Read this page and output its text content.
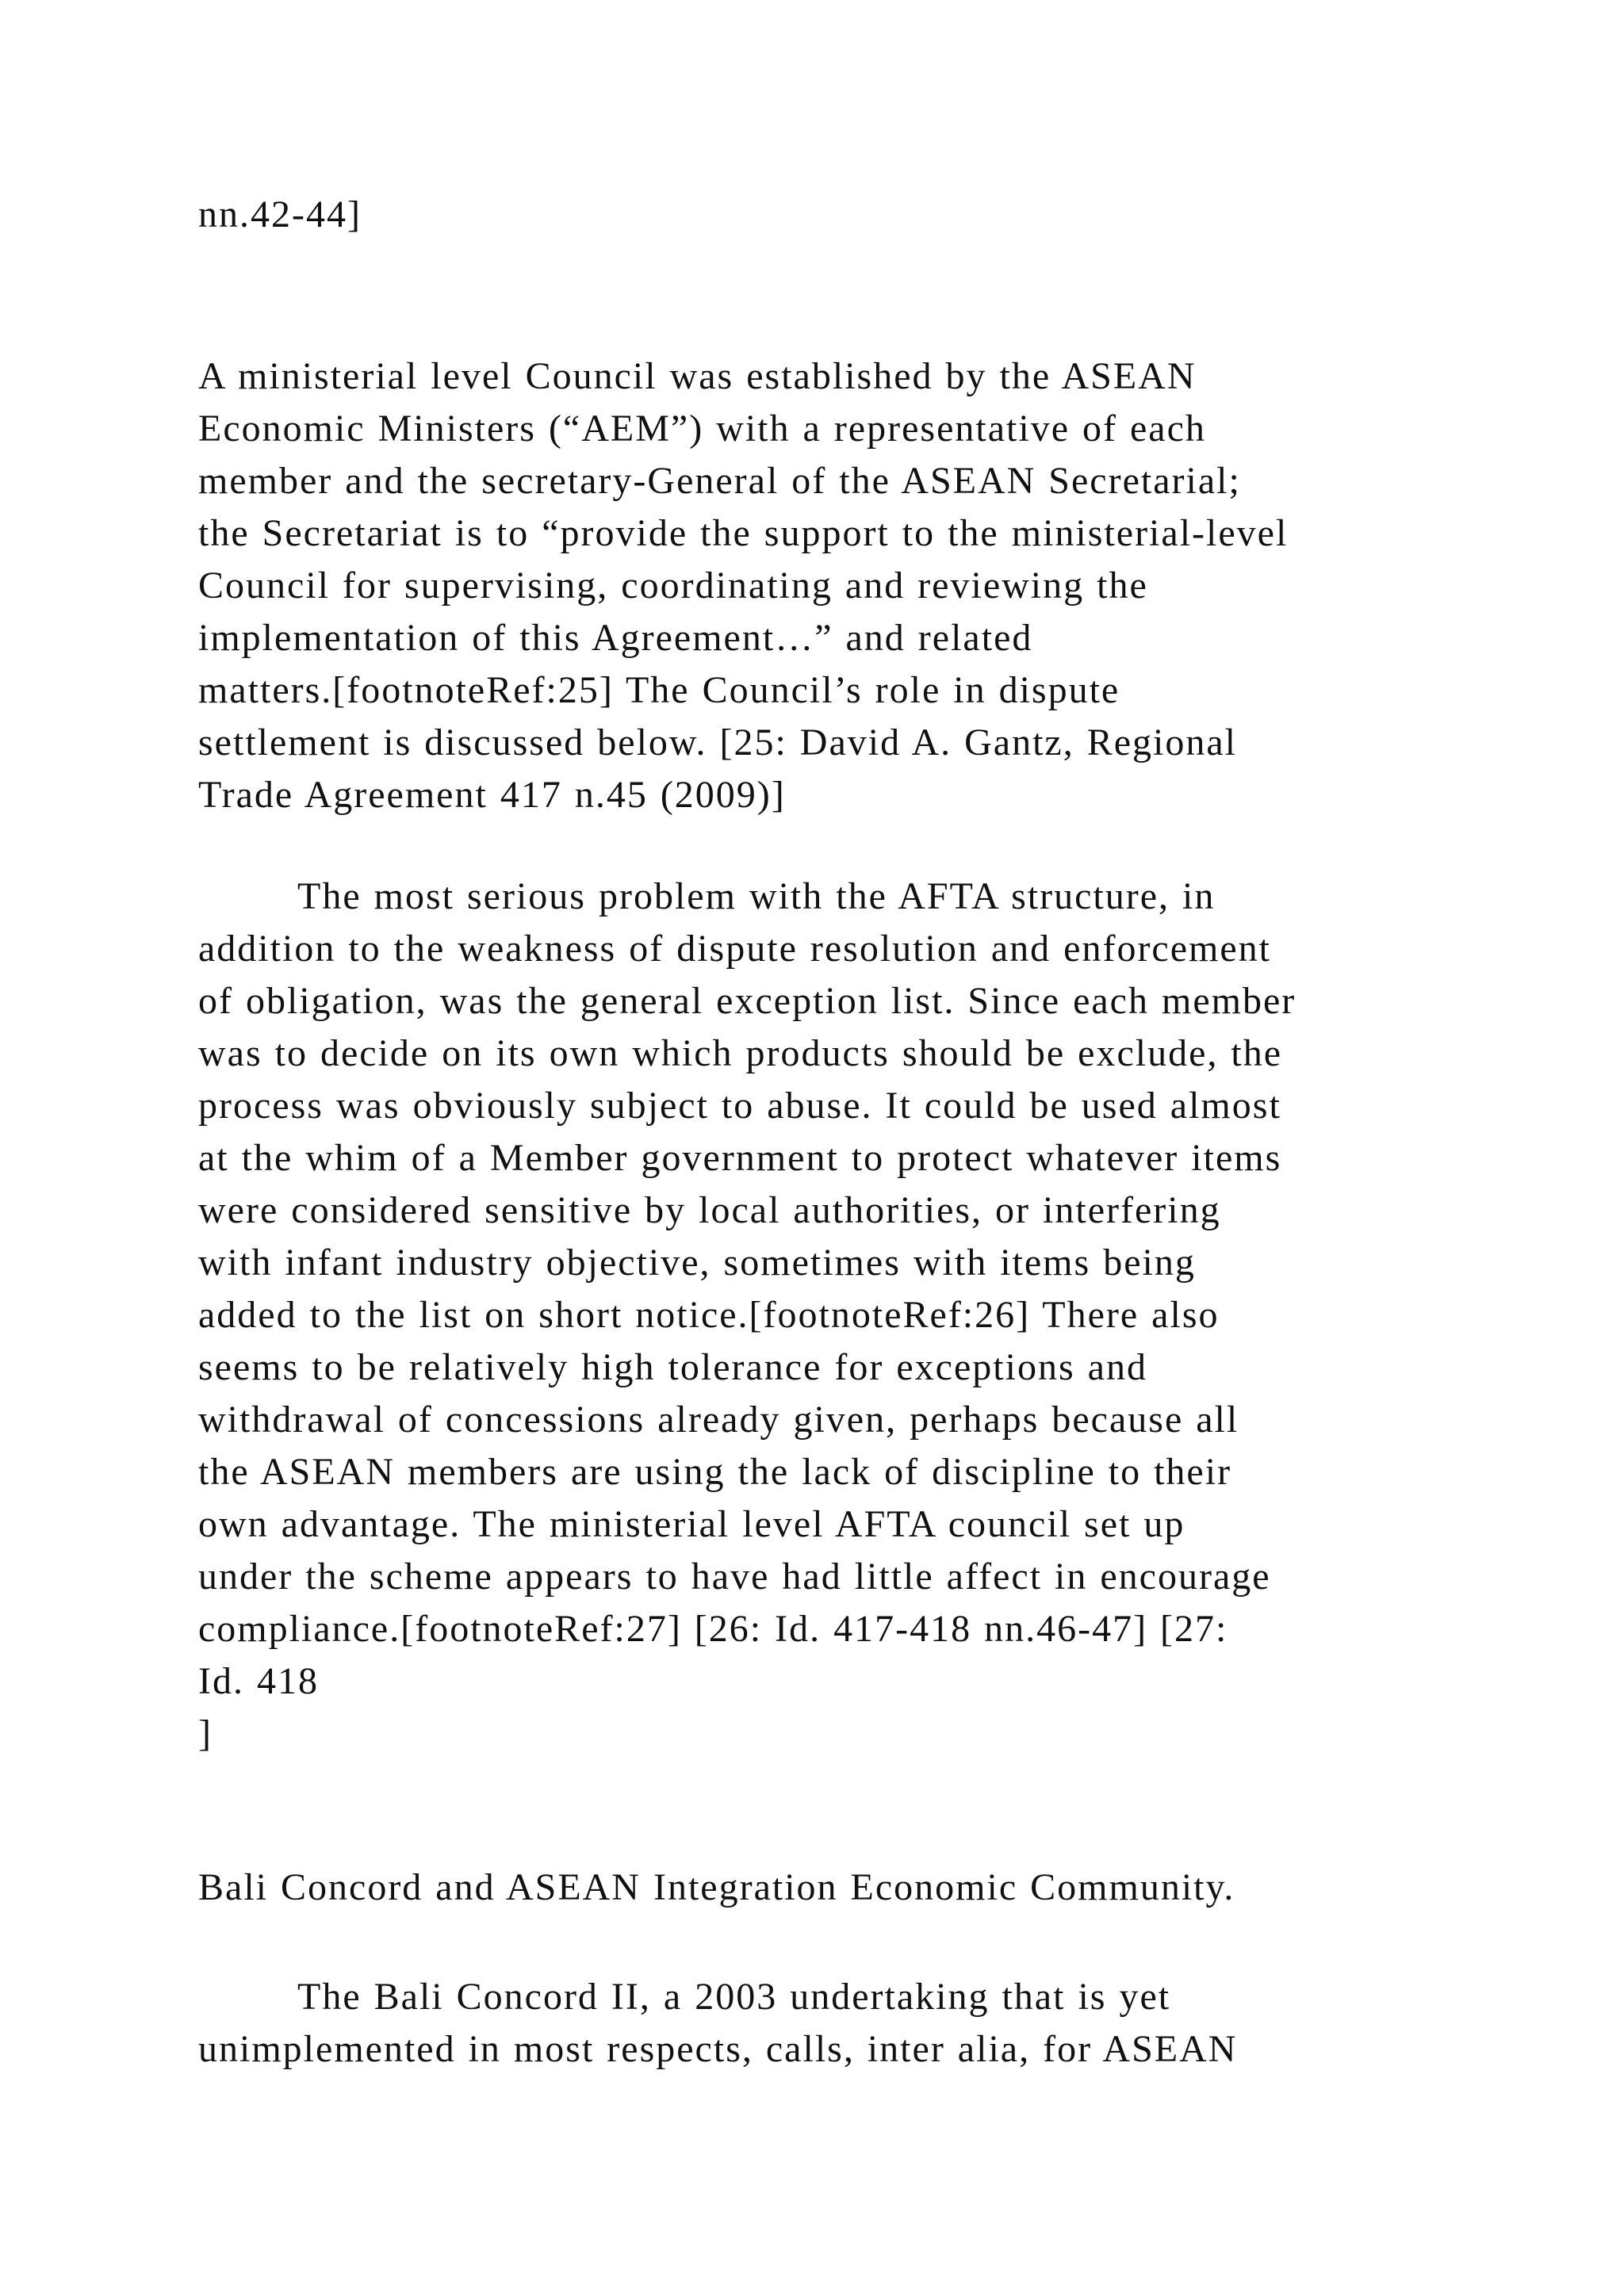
nn.42-44]
A ministerial level Council was established by the ASEAN
Economic Ministers (“AEM”) with a representative of each
member and the secretary-General of the ASEAN Secretarial;
the Secretariat is to “provide the support to the ministerial-level
Council for supervising, coordinating and reviewing the
implementation of this Agreement…” and related
matters.[footnoteRef:25] The Council’s role in dispute
settlement is discussed below. [25: David A. Gantz, Regional
Trade Agreement 417 n.45 (2009)]
The most serious problem with the AFTA structure, in
addition to the weakness of dispute resolution and enforcement
of obligation, was the general exception list. Since each member
was to decide on its own which products should be exclude, the
process was obviously subject to abuse. It could be used almost
at the whim of a Member government to protect whatever items
were considered sensitive by local authorities, or interfering
with infant industry objective, sometimes with items being
added to the list on short notice.[footnoteRef:26] There also
seems to be relatively high tolerance for exceptions and
withdrawal of concessions already given, perhaps because all
the ASEAN members are using the lack of discipline to their
own advantage. The ministerial level AFTA council set up
under the scheme appears to have had little affect in encourage
compliance.[footnoteRef:27] [26: Id. 417-418 nn.46-47] [27:
Id. 418
]
Bali Concord and ASEAN Integration Economic Community.
The Bali Concord II, a 2003 undertaking that is yet
unimplemented in most respects, calls, inter alia, for ASEAN
